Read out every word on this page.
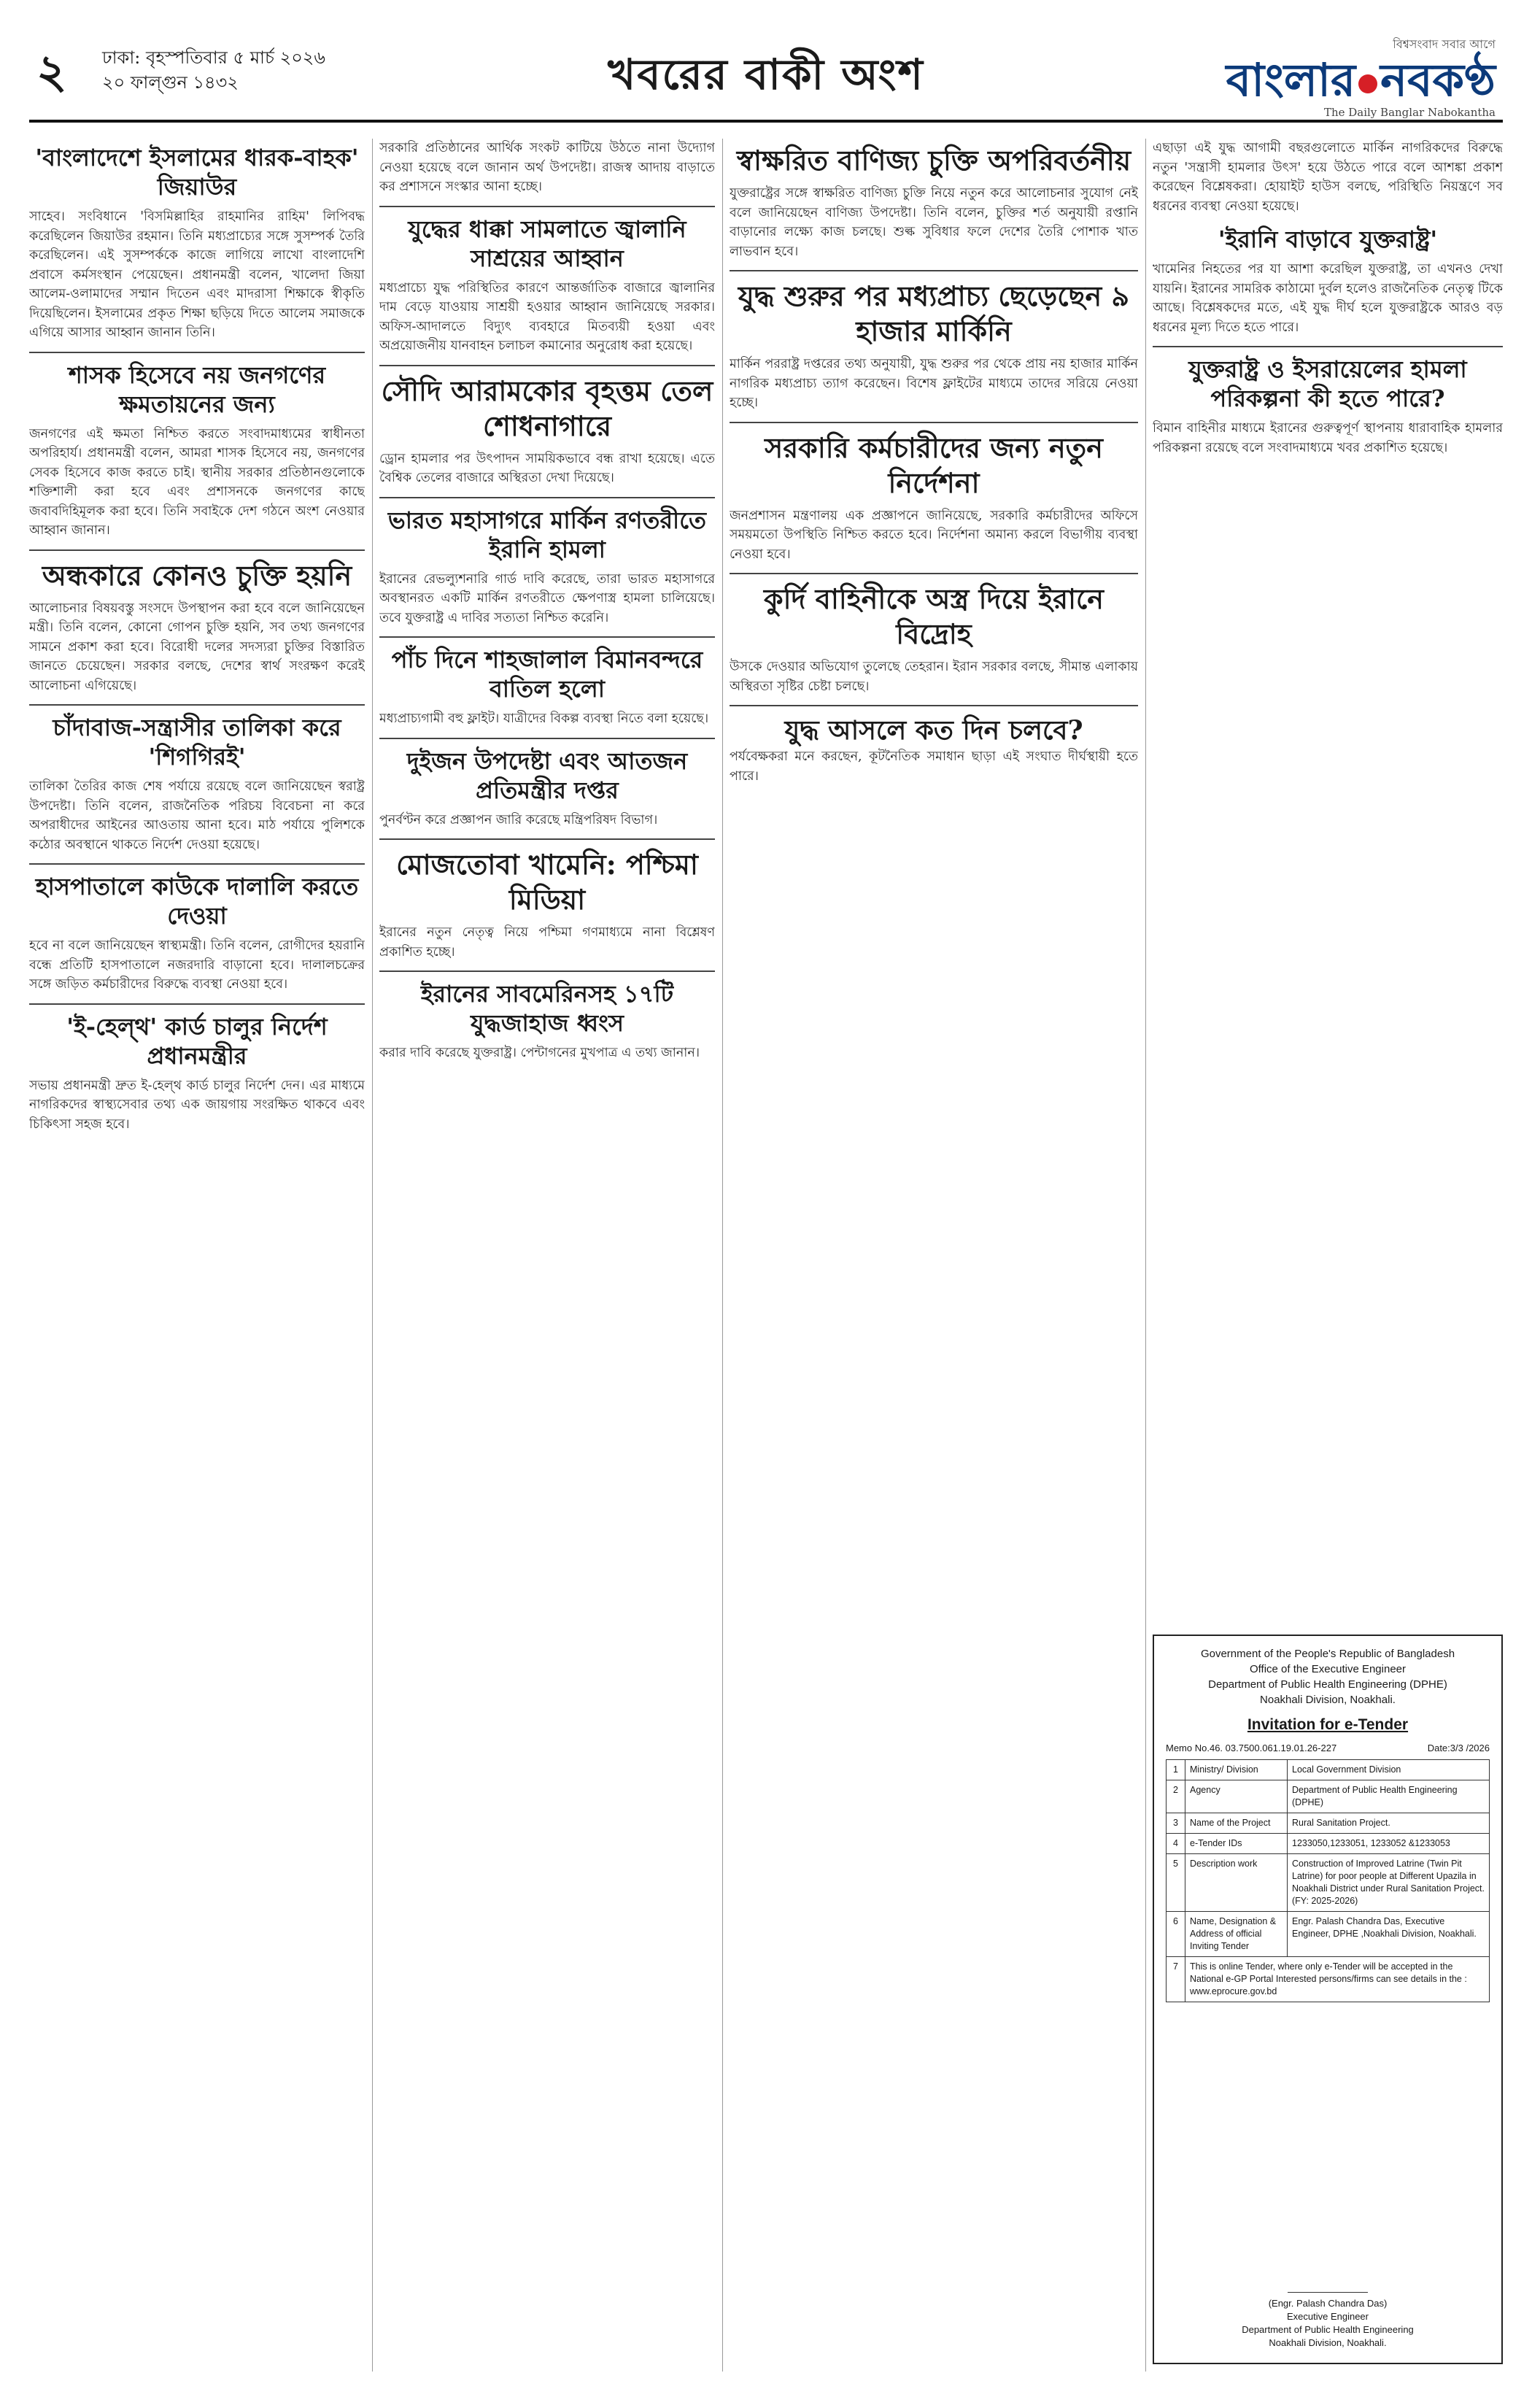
২ ঢাকা: বৃহস্পতিবার ৫ মার্চ ২০২৬
২০ ফাল্গুন ১৪৩২	খবরের বাকী অংশ
বিশ্বসংবাদ সবার আগে
বাংলার নবকণ্ঠ
The Daily Banglar Nabokantha
'বাংলাদেশে ইসলামের ধারক-বাহক' জিয়াউর

সাহেব। সংবিধানে 'বিসমিল্লাহির রাহমানির রাহিম' লিপিবদ্ধ করেছিলেন জিয়াউর রহমান। তিনি মধ্যপ্রাচ্যের সঙ্গে সুসম্পর্ক তৈরি করেছিলেন। এই সুসম্পর্ককে কাজে লাগিয়ে লাখো বাংলাদেশি প্রবাসে কর্মসংস্থান পেয়েছেন। প্রধানমন্ত্রী বলেন, খালেদা জিয়া আলেম-ওলামাদের সম্মান দিতেন এবং মাদরাসা শিক্ষাকে স্বীকৃতি দিয়েছিলেন। ইসলামের প্রকৃত শিক্ষা ছড়িয়ে দিতে আলেম সমাজকে এগিয়ে আসার আহ্বান জানান তিনি।

শাসক হিসেবে নয় জনগণের ক্ষমতায়নের জন্য

জনগণের এই ক্ষমতা নিশ্চিত করতে সংবাদমাধ্যমের স্বাধীনতা অপরিহার্য। প্রধানমন্ত্রী বলেন, আমরা শাসক হিসেবে নয়, জনগণের সেবক হিসেবে কাজ করতে চাই। স্থানীয় সরকার প্রতিষ্ঠানগুলোকে শক্তিশালী করা হবে এবং প্রশাসনকে জনগণের কাছে জবাবদিহিমূলক করা হবে। তিনি সবাইকে দেশ গঠনে অংশ নেওয়ার আহ্বান জানান।

অন্ধকারে কোনও চুক্তি হয়নি

আলোচনার বিষয়বস্তু সংসদে উপস্থাপন করা হবে বলে জানিয়েছেন মন্ত্রী। তিনি বলেন, কোনো গোপন চুক্তি হয়নি, সব তথ্য জনগণের সামনে প্রকাশ করা হবে। বিরোধী দলের সদস্যরা চুক্তির বিস্তারিত জানতে চেয়েছেন। সরকার বলছে, দেশের স্বার্থ সংরক্ষণ করেই আলোচনা এগিয়েছে।

চাঁদাবাজ-সন্ত্রাসীর তালিকা করে 'শিগগিরই'

তালিকা তৈরির কাজ শেষ পর্যায়ে রয়েছে বলে জানিয়েছেন স্বরাষ্ট্র উপদেষ্টা। তিনি বলেন, রাজনৈতিক পরিচয় বিবেচনা না করে অপরাধীদের আইনের আওতায় আনা হবে। মাঠ পর্যায়ে পুলিশকে কঠোর অবস্থানে থাকতে নির্দেশ দেওয়া হয়েছে।

হাসপাতালে কাউকে দালালি করতে দেওয়া

হবে না বলে জানিয়েছেন স্বাস্থ্যমন্ত্রী। তিনি বলেন, রোগীদের হয়রানি বন্ধে প্রতিটি হাসপাতালে নজরদারি বাড়ানো হবে। দালালচক্রের সঙ্গে জড়িত কর্মচারীদের বিরুদ্ধে ব্যবস্থা নেওয়া হবে।

'ই-হেল্থ' কার্ড চালুর নির্দেশ প্রধানমন্ত্রীর

সভায় প্রধানমন্ত্রী দ্রুত ই-হেল্থ কার্ড চালুর নির্দেশ দেন। এর মাধ্যমে নাগরিকদের স্বাস্থ্যসেবার তথ্য এক জায়গায় সংরক্ষিত থাকবে এবং চিকিৎসা সহজ হবে।

সরকারি প্রতিষ্ঠানের আর্থিক সংকট কাটিয়ে উঠতে নানা উদ্যোগ নেওয়া হয়েছে বলে জানান অর্থ উপদেষ্টা। রাজস্ব আদায় বাড়াতে কর প্রশাসনে সংস্কার আনা হচ্ছে।

যুদ্ধের ধাক্কা সামলাতে জ্বালানি সাশ্রয়ের আহ্বান

মধ্যপ্রাচ্যে যুদ্ধ পরিস্থিতির কারণে আন্তর্জাতিক বাজারে জ্বালানির দাম বেড়ে যাওয়ায় সাশ্রয়ী হওয়ার আহ্বান জানিয়েছে সরকার। অফিস-আদালতে বিদ্যুৎ ব্যবহারে মিতব্যয়ী হওয়া এবং অপ্রয়োজনীয় যানবাহন চলাচল কমানোর অনুরোধ করা হয়েছে।

সৌদি আরামকোর বৃহত্তম তেল শোধনাগারে

ড্রোন হামলার পর উৎপাদন সাময়িকভাবে বন্ধ রাখা হয়েছে। এতে বৈশ্বিক তেলের বাজারে অস্থিরতা দেখা দিয়েছে।

ভারত মহাসাগরে মার্কিন রণতরীতে ইরানি হামলা

ইরানের রেভল্যুশনারি গার্ড দাবি করেছে, তারা ভারত মহাসাগরে অবস্থানরত একটি মার্কিন রণতরীতে ক্ষেপণাস্ত্র হামলা চালিয়েছে। তবে যুক্তরাষ্ট্র এ দাবির সত্যতা নিশ্চিত করেনি।

পাঁচ দিনে শাহজালাল বিমানবন্দরে বাতিল হলো

মধ্যপ্রাচ্যগামী বহু ফ্লাইট। যাত্রীদের বিকল্প ব্যবস্থা নিতে বলা হয়েছে।

দুইজন উপদেষ্টা এবং আতজন প্রতিমন্ত্রীর দপ্তর

পুনর্বণ্টন করে প্রজ্ঞাপন জারি করেছে মন্ত্রিপরিষদ বিভাগ।

মোজতোবা খামেনি: পশ্চিমা মিডিয়া

ইরানের নতুন নেতৃত্ব নিয়ে পশ্চিমা গণমাধ্যমে নানা বিশ্লেষণ প্রকাশিত হচ্ছে।

ইরানের সাবমেরিনসহ ১৭টি যুদ্ধজাহাজ ধ্বংস

করার দাবি করেছে যুক্তরাষ্ট্র। পেন্টাগনের মুখপাত্র এ তথ্য জানান।

স্বাক্ষরিত বাণিজ্য চুক্তি অপরিবর্তনীয়

যুক্তরাষ্ট্রের সঙ্গে স্বাক্ষরিত বাণিজ্য চুক্তি নিয়ে নতুন করে আলোচনার সুযোগ নেই বলে জানিয়েছেন বাণিজ্য উপদেষ্টা। তিনি বলেন, চুক্তির শর্ত অনুযায়ী রপ্তানি বাড়ানোর লক্ষ্যে কাজ চলছে। শুল্ক সুবিধার ফলে দেশের তৈরি পোশাক খাত লাভবান হবে।

যুদ্ধ শুরুর পর মধ্যপ্রাচ্য ছেড়েছেন ৯ হাজার মার্কিনি

মার্কিন পররাষ্ট্র দপ্তরের তথ্য অনুযায়ী, যুদ্ধ শুরুর পর থেকে প্রায় নয় হাজার মার্কিন নাগরিক মধ্যপ্রাচ্য ত্যাগ করেছেন। বিশেষ ফ্লাইটের মাধ্যমে তাদের সরিয়ে নেওয়া হচ্ছে।

সরকারি কর্মচারীদের জন্য নতুন নির্দেশনা

জনপ্রশাসন মন্ত্রণালয় এক প্রজ্ঞাপনে জানিয়েছে, সরকারি কর্মচারীদের অফিসে সময়মতো উপস্থিতি নিশ্চিত করতে হবে। নির্দেশনা অমান্য করলে বিভাগীয় ব্যবস্থা নেওয়া হবে।

কুর্দি বাহিনীকে অস্ত্র দিয়ে ইরানে বিদ্রোহ

উসকে দেওয়ার অভিযোগ তুলেছে তেহরান। ইরান সরকার বলছে, সীমান্ত এলাকায় অস্থিরতা সৃষ্টির চেষ্টা চলছে।

যুদ্ধ আসলে কত দিন চলবে?

পর্যবেক্ষকরা মনে করছেন, কূটনৈতিক সমাধান ছাড়া এই সংঘাত দীর্ঘস্থায়ী হতে পারে।

এছাড়া এই যুদ্ধ আগামী বছরগুলোতে মার্কিন নাগরিকদের বিরুদ্ধে নতুন 'সন্ত্রাসী হামলার উৎস' হয়ে উঠতে পারে বলে আশঙ্কা প্রকাশ করেছেন বিশ্লেষকরা। হোয়াইট হাউস বলছে, পরিস্থিতি নিয়ন্ত্রণে সব ধরনের ব্যবস্থা নেওয়া হয়েছে।

'ইরানি বাড়াবে যুক্তরাষ্ট্র'

খামেনির নিহতের পর যা আশা করেছিল যুক্তরাষ্ট্র, তা এখনও দেখা যায়নি। ইরানের সামরিক কাঠামো দুর্বল হলেও রাজনৈতিক নেতৃত্ব টিকে আছে। বিশ্লেষকদের মতে, এই যুদ্ধ দীর্ঘ হলে যুক্তরাষ্ট্রকে আরও বড় ধরনের মূল্য দিতে হতে পারে।

যুক্তরাষ্ট্র ও ইসরায়েলের হামলা পরিকল্পনা কী হতে পারে?

বিমান বাহিনীর মাধ্যমে ইরানের গুরুত্বপূর্ণ স্থাপনায় ধারাবাহিক হামলার পরিকল্পনা রয়েছে বলে সংবাদমাধ্যমে খবর প্রকাশিত হয়েছে।

Government of the People's Republic of Bangladesh
Office of the Executive Engineer
Department of Public Health Engineering (DPHE)
Noakhali Division, Noakhali.
Invitation for e-Tender
Memo No.46. 03.7500.061.19.01.26-227	Date:3/3 /2026
1	Ministry/ Division	Local Government Division
2	Agency	Department of Public Health Engineering (DPHE)
3	Name of the Project	Rural Sanitation Project.
4	e-Tender IDs	1233050,1233051, 1233052 &1233053
5	Description work	Construction of Improved Latrine (Twin Pit Latrine) for poor people at Different Upazila in Noakhali District under Rural Sanitation Project. (FY: 2025-2026)
6	Name, Designation & Address of official Inviting Tender	Engr. Palash Chandra Das, Executive Engineer, DPHE ,Noakhali Division, Noakhali.
7	This is online Tender, where only e-Tender will be accepted in the National e-GP Portal Interested persons/firms can see details in the : www.eprocure.gov.bd	
(Engr. Palash Chandra Das)
Executive Engineer
Department of Public Health Engineering
Noakhali Division, Noakhali.
